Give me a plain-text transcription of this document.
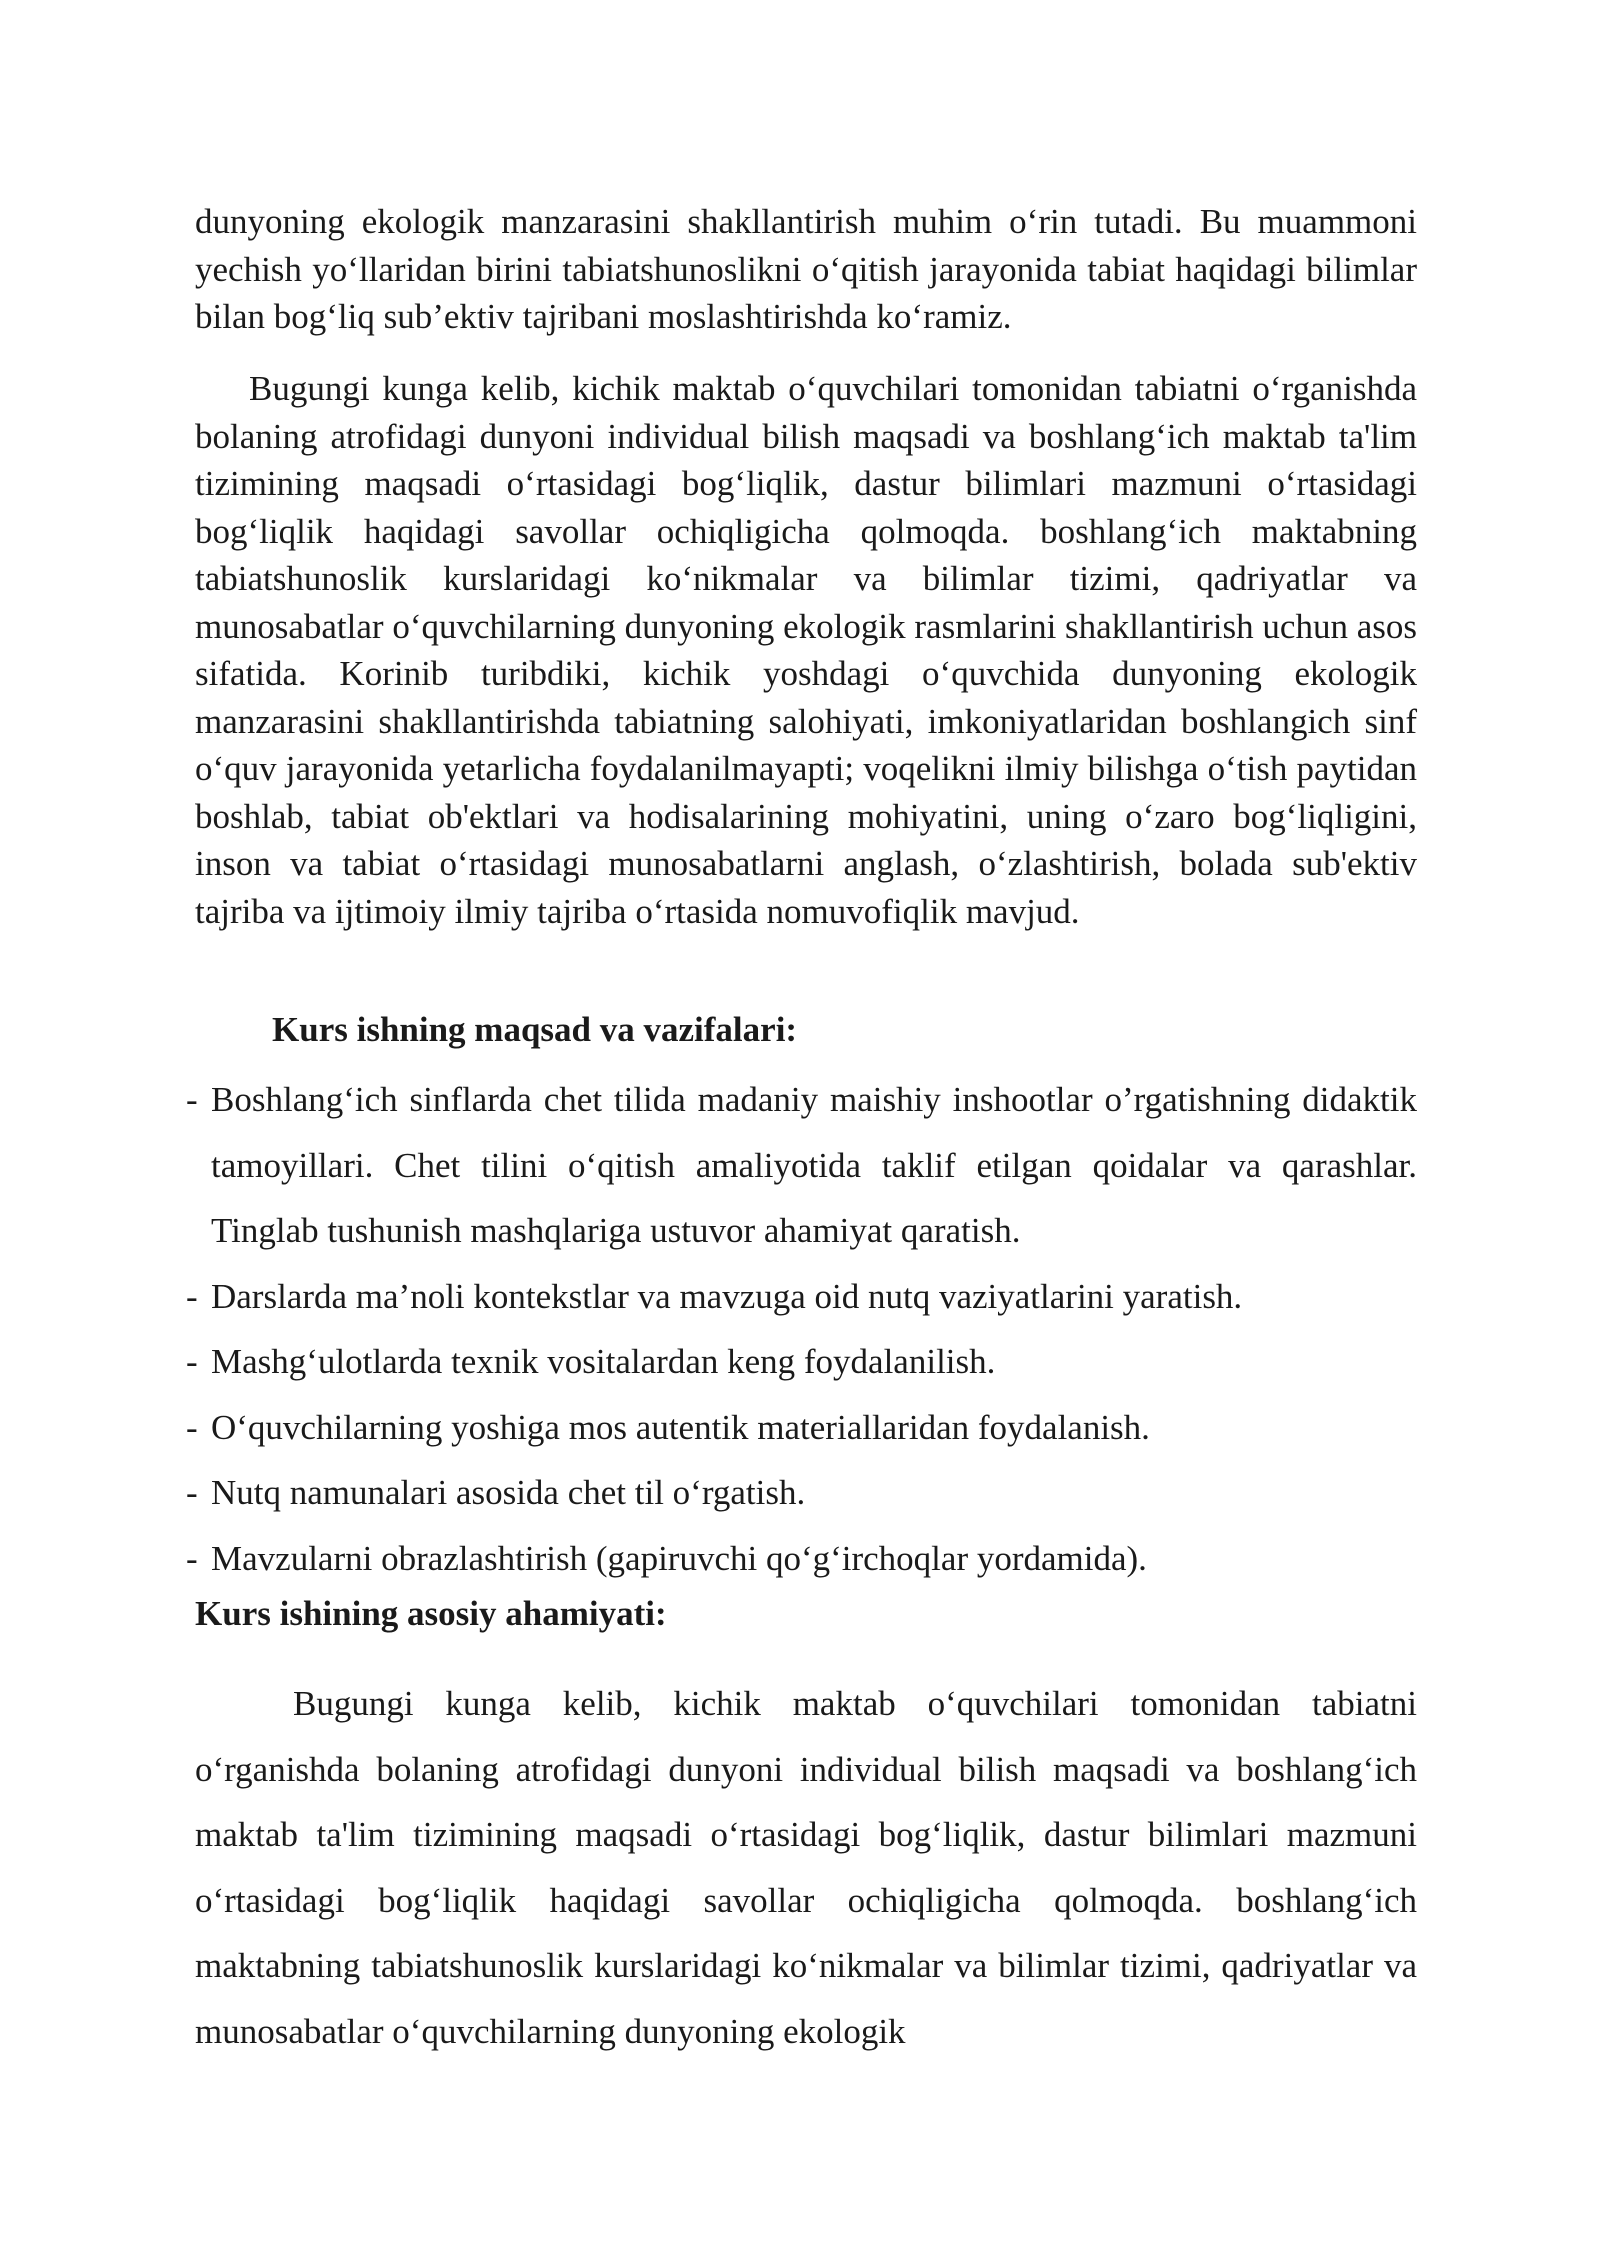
dunyoning ekologik manzarasini shakllantirish muhim o‘rin tutadi. Bu muammoni yechish yo‘llaridan birini tabiatshunoslikni o‘qitish jarayonida tabiat haqidagi bilimlar bilan bog‘liq sub’ektiv tajribani moslashtirishda ko‘ramiz.

Bugungi kunga kelib, kichik maktab o‘quvchilari tomonidan tabiatni o‘rganishda bolaning atrofidagi dunyoni individual bilish maqsadi va boshlang‘ich maktab ta'lim tizimining maqsadi o‘rtasidagi bog‘liqlik, dastur bilimlari mazmuni o‘rtasidagi bog‘liqlik haqidagi savollar ochiqligicha qolmoqda. boshlang‘ich maktabning tabiatshunoslik kurslaridagi ko‘nikmalar va bilimlar tizimi, qadriyatlar va munosabatlar o‘quvchilarning dunyoning ekologik rasmlarini shakllantirish uchun asos sifatida. Korinib turibdiki, kichik yoshdagi o‘quvchida dunyoning ekologik manzarasini shakllantirishda tabiatning salohiyati, imkoniyatlaridan boshlangich sinf o‘quv jarayonida yetarlicha foydalanilmayapti; voqelikni ilmiy bilishga o‘tish paytidan boshlab, tabiat ob'ektlari va hodisalarining mohiyatini, uning o‘zaro bog‘liqligini, inson va tabiat o‘rtasidagi munosabatlarni anglash, o‘zlashtirish, bolada sub'ektiv tajriba va ijtimoiy ilmiy tajriba o‘rtasida nomuvofiqlik mavjud.

Kurs ishning maqsad va vazifalari:
- Boshlang‘ich sinflarda chet tilida madaniy maishiy inshootlar o’rgatishning didaktik tamoyillari. Chet tilini o‘qitish amaliyotida taklif etilgan qoidalar va qarashlar. Tinglab tushunish mashqlariga ustuvor ahamiyat qaratish.
- Darslarda ma’noli kontekstlar va mavzuga oid nutq vaziyatlarini yaratish.
- Mashg‘ulotlarda texnik vositalardan keng foydalanilish.
- O‘quvchilarning yoshiga mos autentik materiallaridan foydalanish.
- Nutq namunalari asosida chet til o‘rgatish.
- Mavzularni obrazlashtirish (gapiruvchi qo‘g‘irchoqlar yordamida).
Kurs ishining asosiy ahamiyati:

Bugungi kunga kelib, kichik maktab o‘quvchilari tomonidan tabiatni o‘rganishda bolaning atrofidagi dunyoni individual bilish maqsadi va boshlang‘ich maktab ta'lim tizimining maqsadi o‘rtasidagi bog‘liqlik, dastur bilimlari mazmuni o‘rtasidagi bog‘liqlik haqidagi savollar ochiqligicha qolmoqda. boshlang‘ich maktabning tabiatshunoslik kurslaridagi ko‘nikmalar va bilimlar tizimi, qadriyatlar va munosabatlar o‘quvchilarning dunyoning ekologik
